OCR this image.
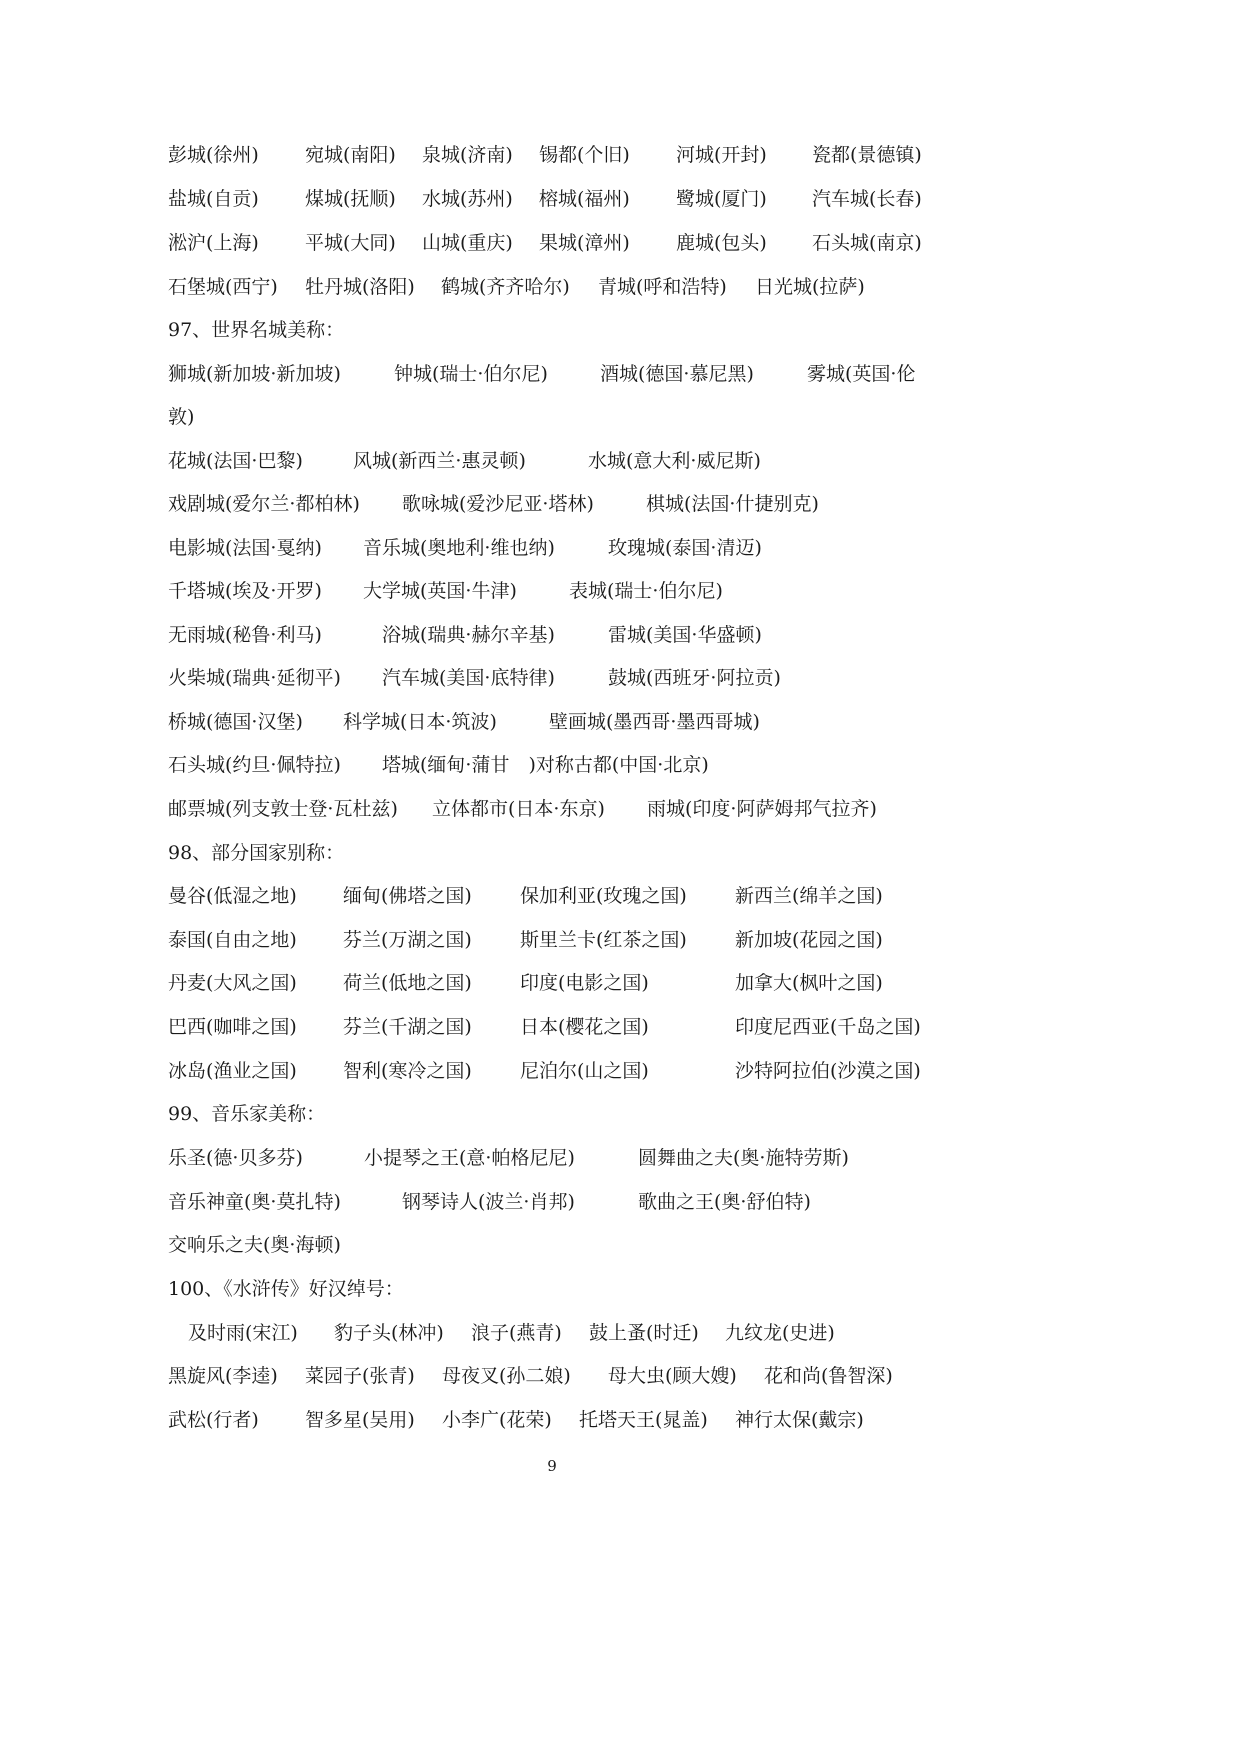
彭城(徐州) 宛城(南阳) 泉城(济南) 锡都(个旧) 河城(开封) 瓷都(景德镇)
盐城(自贡) 煤城(抚顺) 水城(苏州) 榕城(福州) 鹭城(厦门) 汽车城(长春)
淞沪(上海) 平城(大同) 山城(重庆) 果城(漳州) 鹿城(包头) 石头城(南京)
石堡城(西宁) 牡丹城(洛阳) 鹤城(齐齐哈尔) 青城(呼和浩特) 日光城(拉萨)
97、世界名城美称：
狮城(新加坡·新加坡)	钟城(瑞士·伯尔尼)	酒城(德国·慕尼黑)	雾城(英国·伦
敦)
花城(法国·巴黎)	风城(新西兰·惠灵顿)	水城(意大利·威尼斯)
戏剧城(爱尔兰·都柏林) 歌咏城(爱沙尼亚·塔林)	棋城(法国·什捷别克)
电影城(法国·戛纳) 音乐城(奥地利·维也纳)	玫瑰城(泰国·清迈)
千塔城(埃及·开罗) 大学城(英国·牛津)	表城(瑞士·伯尔尼)
无雨城(秘鲁·利马)	浴城(瑞典·赫尔辛基)	雷城(美国·华盛顿)
火柴城(瑞典·延彻平) 汽车城(美国·底特律)	鼓城(西班牙·阿拉贡)
桥城(德国·汉堡) 科学城(日本·筑波)	壁画城(墨西哥·墨西哥城)
石头城(约旦·佩特拉) 塔城(缅甸·蒲甘　)对称古都(中国·北京)
邮票城(列支敦士登·瓦杜兹) 立体都市(日本·东京) 雨城(印度·阿萨姆邦气拉齐)
98、部分国家别称：
曼谷(低湿之地) 缅甸(佛塔之国)	保加利亚(玫瑰之国)	新西兰(绵羊之国)
泰国(自由之地) 芬兰(万湖之国)	斯里兰卡(红茶之国)	新加坡(花园之国)
丹麦(大风之国) 荷兰(低地之国)	印度(电影之国)	加拿大(枫叶之国)
巴西(咖啡之国) 芬兰(千湖之国)	日本(樱花之国)	印度尼西亚(千岛之国)
冰岛(渔业之国) 智利(寒冷之国)	尼泊尔(山之国)	沙特阿拉伯(沙漠之国)
99、音乐家美称：
乐圣(德·贝多芬)	小提琴之王(意·帕格尼尼)	圆舞曲之夫(奥·施特劳斯)
音乐神童(奥·莫扎特)	钢琴诗人(波兰·肖邦)	歌曲之王(奥·舒伯特)
交响乐之夫(奥·海顿)
100、《水浒传》好汉绰号：
及时雨(宋江) 豹子头(林冲) 浪子(燕青) 鼓上蚤(时迁) 九纹龙(史进)
黑旋风(李逵) 菜园子(张青) 母夜叉(孙二娘) 母大虫(顾大嫂) 花和尚(鲁智深)
武松(行者) 智多星(吴用) 小李广(花荣) 托塔天王(晁盖) 神行太保(戴宗)
9
